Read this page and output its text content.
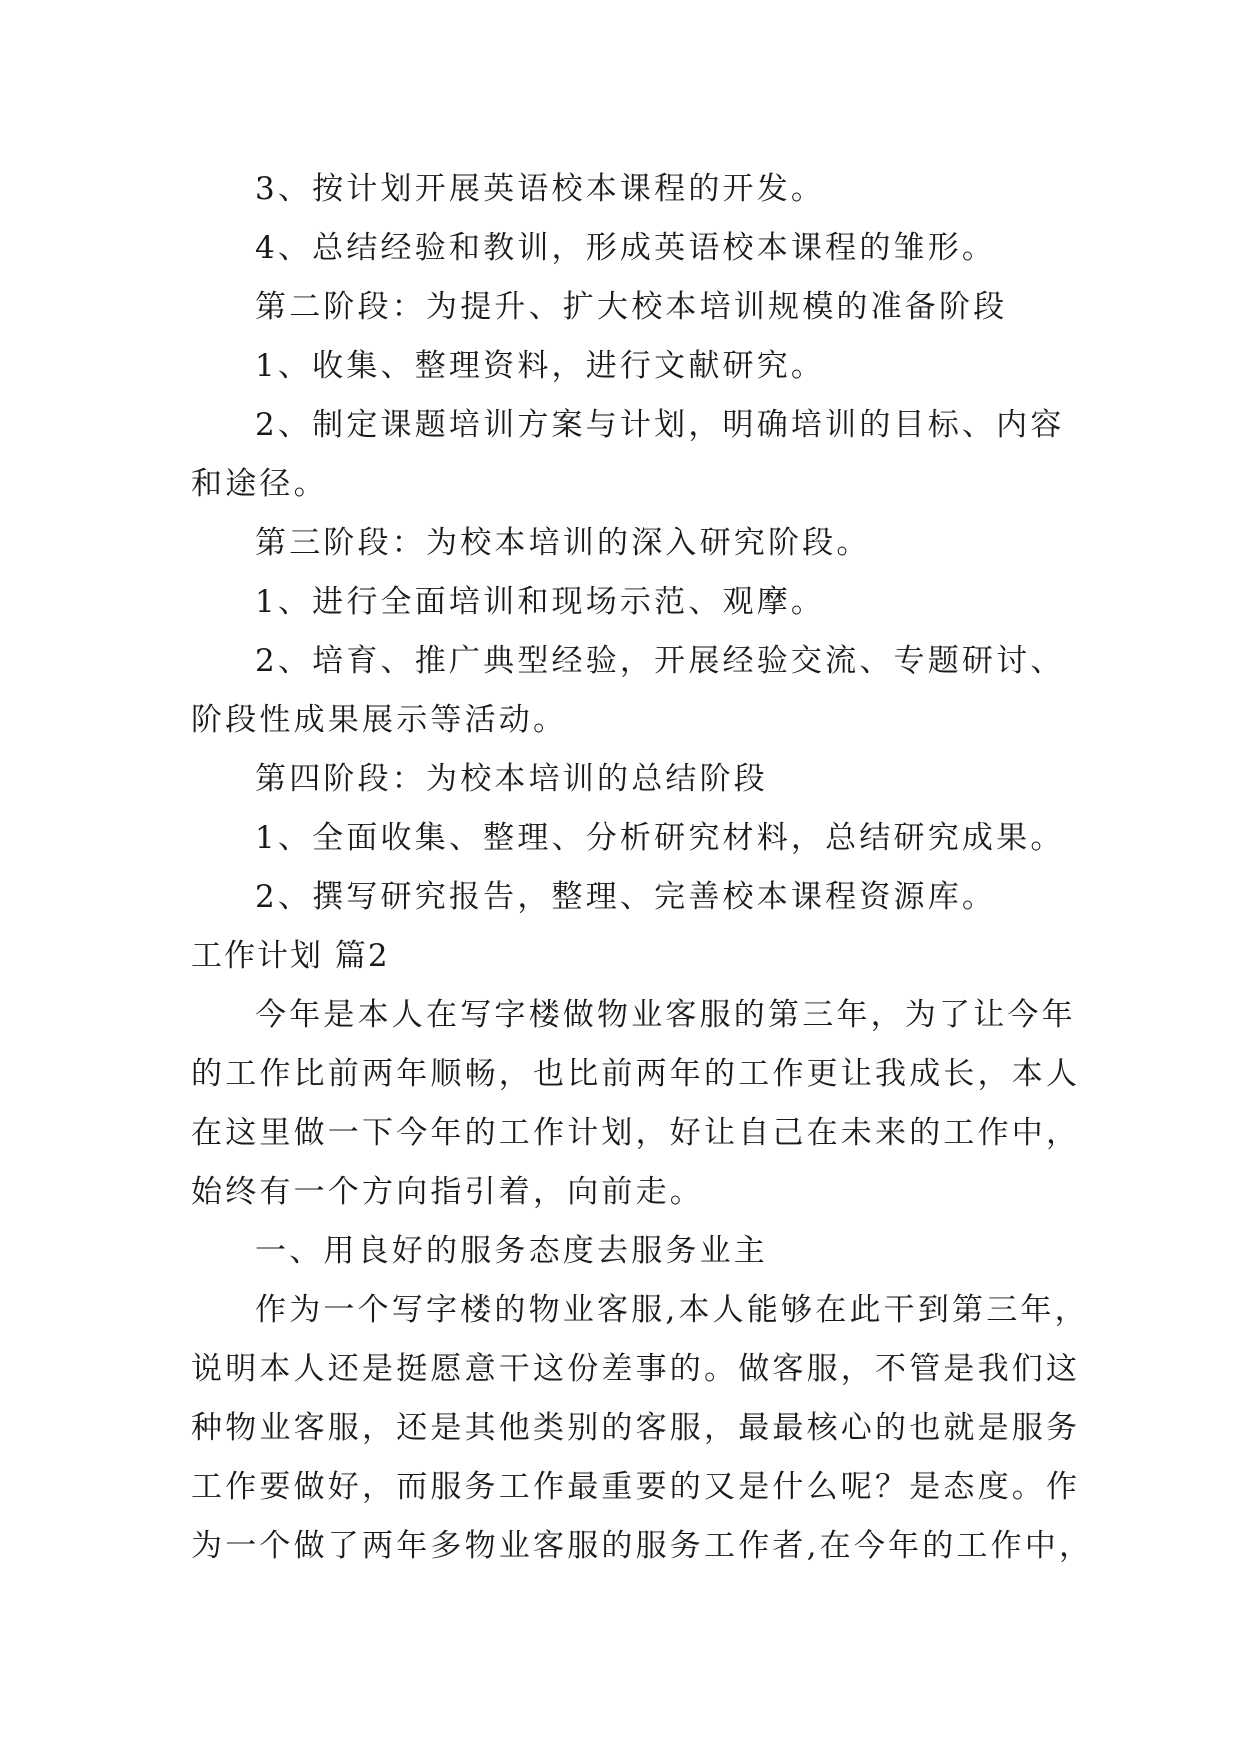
3、按计划开展英语校本课程的开发。
4、总结经验和教训，形成英语校本课程的雏形。
第二阶段：为提升、扩大校本培训规模的准备阶段
1、收集、整理资料，进行文献研究。
2、制定课题培训方案与计划，明确培训的目标、内容
和途径。
第三阶段：为校本培训的深入研究阶段。
1、进行全面培训和现场示范、观摩。
2、培育、推广典型经验，开展经验交流、专题研讨、
阶段性成果展示等活动。
第四阶段：为校本培训的总结阶段
1、全面收集、整理、分析研究材料，总结研究成果。
2、撰写研究报告，整理、完善校本课程资源库。
工作计划 篇2
今年是本人在写字楼做物业客服的第三年，为了让今年
的工作比前两年顺畅，也比前两年的工作更让我成长，本人
在这里做一下今年的工作计划，好让自己在未来的工作中，
始终有一个方向指引着，向前走。
一、用良好的服务态度去服务业主
作为一个写字楼的物业客服,本人能够在此干到第三年，
说明本人还是挺愿意干这份差事的。做客服，不管是我们这
种物业客服，还是其他类别的客服，最最核心的也就是服务
工作要做好，而服务工作最重要的又是什么呢？是态度。作
为一个做了两年多物业客服的服务工作者,在今年的工作中，
